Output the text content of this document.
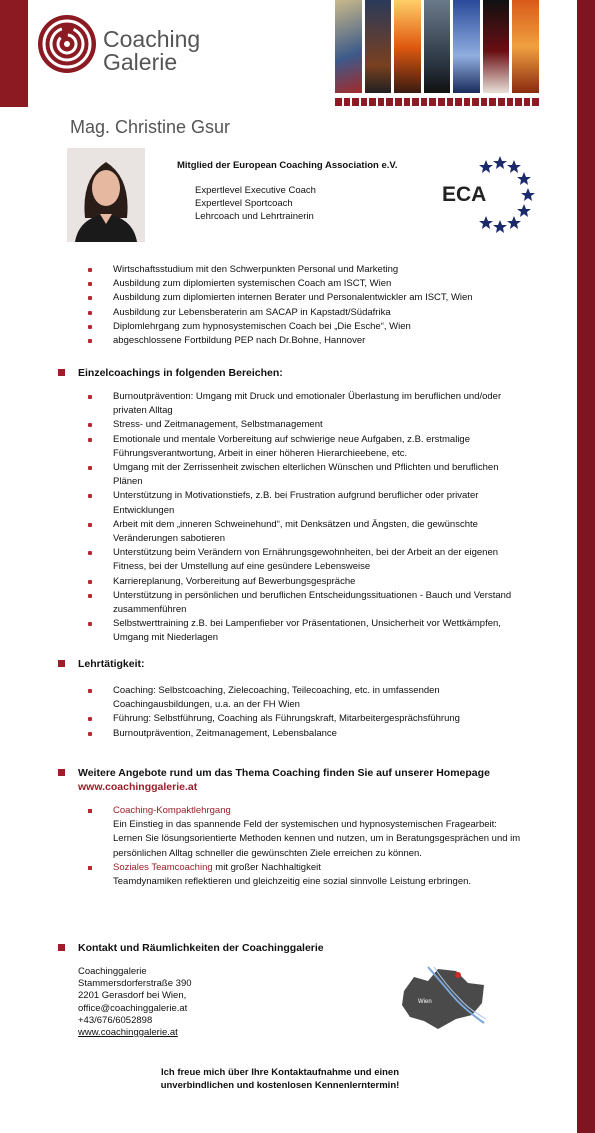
Coaching
Galerie
Mag. Christine Gsur
Mitglied der European Coaching Association e.V.
Expertlevel Executive Coach
Expertlevel Sportcoach
Lehrcoach und Lehrtrainerin
ECA
Wirtschaftsstudium mit den Schwerpunkten Personal und Marketing
Ausbildung zum diplomierten systemischen Coach am ISCT, Wien
Ausbildung zum diplomierten internen Berater und Personalentwickler am ISCT, Wien
Ausbildung zur Lebensberaterin am SACAP in Kapstadt/Südafrika
Diplomlehrgang zum hypnosystemischen Coach bei „Die Esche“, Wien
abgeschlossene Fortbildung PEP nach Dr.Bohne, Hannover
Einzelcoachings in folgenden Bereichen:
Burnoutprävention: Umgang mit Druck und emotionaler Überlastung im beruflichen und/oder privaten Alltag
Stress- und Zeitmanagement, Selbstmanagement
Emotionale und mentale Vorbereitung auf schwierige neue Aufgaben, z.B. erstmalige Führungsverantwortung, Arbeit in einer höheren Hierarchieebene, etc.
Umgang mit der Zerrissenheit zwischen elterlichen Wünschen und Pflichten und beruflichen Plänen
Unterstützung in Motivationstiefs, z.B. bei Frustration aufgrund beruflicher oder privater Entwicklungen
Arbeit mit dem „inneren Schweinehund“, mit Denksätzen und Ängsten, die gewünschte Veränderungen sabotieren
Unterstützung beim Verändern von Ernährungsgewohnheiten, bei der Arbeit an der eigenen Fitness, bei der Umstellung auf eine gesündere Lebensweise
Karriereplanung, Vorbereitung auf Bewerbungsgespräche
Unterstützung in persönlichen und beruflichen Entscheidungssituationen - Bauch und Verstand zusammenführen
Selbstwerttraining z.B. bei Lampenfieber vor Präsentationen, Unsicherheit vor Wettkämpfen, Umgang mit Niederlagen
Lehrtätigkeit:
Coaching: Selbstcoaching, Zielecoaching, Teilecoaching, etc. in umfassenden Coachingausbildungen, u.a. an der FH Wien
Führung: Selbstführung, Coaching als Führungskraft, Mitarbeitergesprächsführung
Burnoutprävention, Zeitmanagement, Lebensbalance
Weitere Angebote rund um das Thema Coaching finden Sie auf unserer Homepage
www.coachinggalerie.at
Coaching-Kompaktlehrgang
Ein Einstieg in das spannende Feld der systemischen und hypnosystemischen Fragearbeit:
Lernen Sie lösungsorientierte Methoden kennen und nutzen, um in Beratungsgesprächen und im persönlichen Alltag schneller die gewünschten Ziele erreichen zu können.
Soziales Teamcoaching mit großer Nachhaltigkeit
Teamdynamiken reflektieren und gleichzeitig eine sozial sinnvolle Leistung erbringen.
Kontakt und Räumlichkeiten der Coachinggalerie
Coachinggalerie
Stammersdorferstraße 390
2201 Gerasdorf bei Wien,
office@coachinggalerie.at
+43/676/6052898
www.coachinggalerie.at
Wien
Ich freue mich über Ihre Kontaktaufnahme und einen
unverbindlichen und kostenlosen Kennenlerntermin!
